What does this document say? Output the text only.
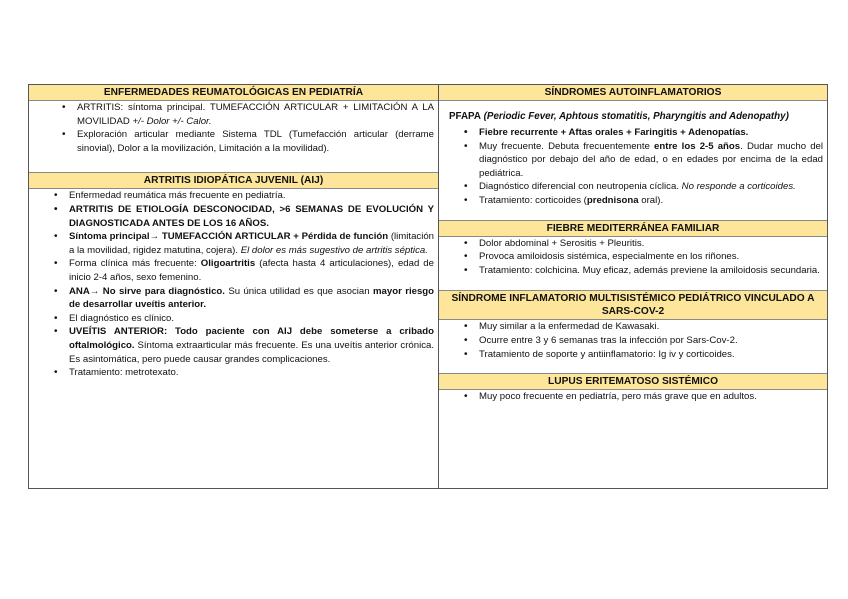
ENFERMEDADES REUMATOLÓGICAS EN PEDIATRÍA
• ARTRITIS: síntoma principal. TUMEFACCIÓN ARTICULAR + LIMITACIÓN A LA MOVILIDAD +/- Dolor +/- Calor.
• Exploración articular mediante Sistema TDL (Tumefacción articular (derrame sinovial), Dolor a la movilización, Limitación a la movilidad).
ARTRITIS IDIOPÁTICA JUVENIL (AIJ)
• Enfermedad reumática más frecuente en pediatría.
• ARTRITIS DE ETIOLOGÍA DESCONOCIDAD, >6 SEMANAS DE EVOLUCIÓN Y DIAGNOSTICADA ANTES DE LOS 16 AÑOS.
• Síntoma principal→ TUMEFACCIÓN ARTICULAR + Pérdida de función (limitación a la movilidad, rigidez matutina, cojera). El dolor es más sugestivo de artritis séptica.
• Forma clínica más frecuente: Oligoartritis (afecta hasta 4 articulaciones), edad de inicio 2-4 años, sexo femenino.
• ANA→ No sirve para diagnóstico. Su única utilidad es que asocian mayor riesgo de desarrollar uveítis anterior.
• El diagnóstico es clínico.
• UVEÍTIS ANTERIOR: Todo paciente con AIJ debe someterse a cribado oftalmológico. Síntoma extraarticular más frecuente. Es una uveítis anterior crónica. Es asintomática, pero puede causar grandes complicaciones.
• Tratamiento: metrotexato.
SÍNDROMES AUTOINFLAMATORIOS
PFAPA (Periodic Fever, Aphtous stomatitis, Pharyngitis and Adenopathy)
• Fiebre recurrente + Aftas orales + Faringitis + Adenopatías.
• Muy frecuente. Debuta frecuentemente entre los 2-5 años. Dudar mucho del diagnóstico por debajo del año de edad, o en edades por encima de la edad pediátrica.
• Diagnóstico diferencial con neutropenia cíclica. No responde a corticoides.
• Tratamiento: corticoides (prednisona oral).
FIEBRE MEDITERRÁNEA FAMILIAR
• Dolor abdominal + Serositis + Pleuritis.
• Provoca amiloidosis sistémica, especialmente en los riñones.
• Tratamiento: colchicina. Muy eficaz, además previene la amiloidosis secundaria.
SÍNDROME INFLAMATORIO MULTISISTÉMICO PEDIÁTRICO VINCULADO A SARS-COV-2
• Muy similar a la enfermedad de Kawasaki.
• Ocurre entre 3 y 6 semanas tras la infección por Sars-Cov-2.
• Tratamiento de soporte y antiinflamatorio: Ig iv y corticoides.
LUPUS ERITEMATOSO SISTÉMICO
• Muy poco frecuente en pediatría, pero más grave que en adultos.
